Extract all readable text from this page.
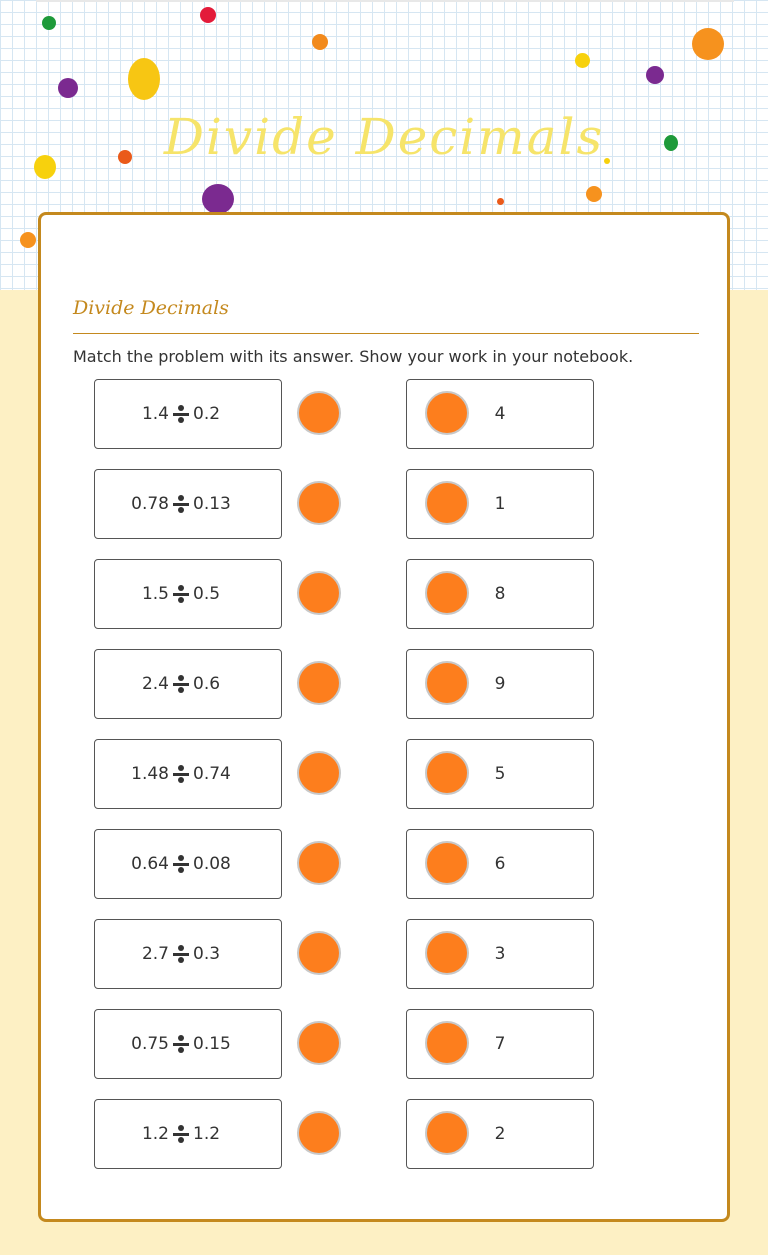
Divide Decimals
Divide Decimals
Match the problem with its answer. Show your work in your notebook.
1.4 0.2
0.78 0.13
1.5 0.5
2.4 0.6
1.48 0.74
0.64 0.08
2.7 0.3
0.75 0.15
1.2 1.2
4
1
8
9
5
6
3
7
2
